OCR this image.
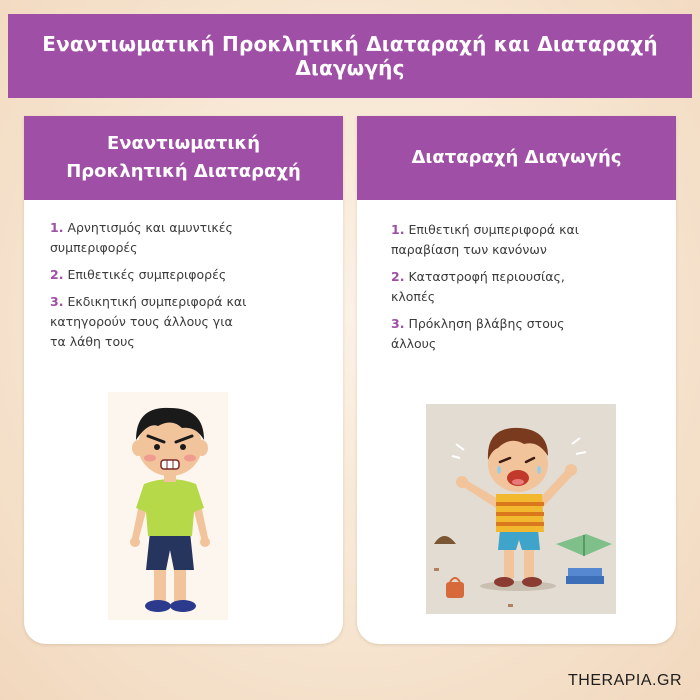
Εναντιωματική Προκλητική Διαταραχή και Διαταραχή Διαγωγής
Εναντιωματική
Προκλητική Διαταραχή
1. Αρνητισμός και αμυντικές
συμπεριφορές
2. Επιθετικές συμπεριφορές
3. Εκδικητική συμπεριφορά και
κατηγορούν τους άλλους για
τα λάθη τους
Διαταραχή Διαγωγής
1. Επιθετική συμπεριφορά και
παραβίαση των κανόνων
2. Καταστροφή περιουσίας,
κλοπές
3. Πρόκληση βλάβης στους
άλλους
THERAPIA.GR
